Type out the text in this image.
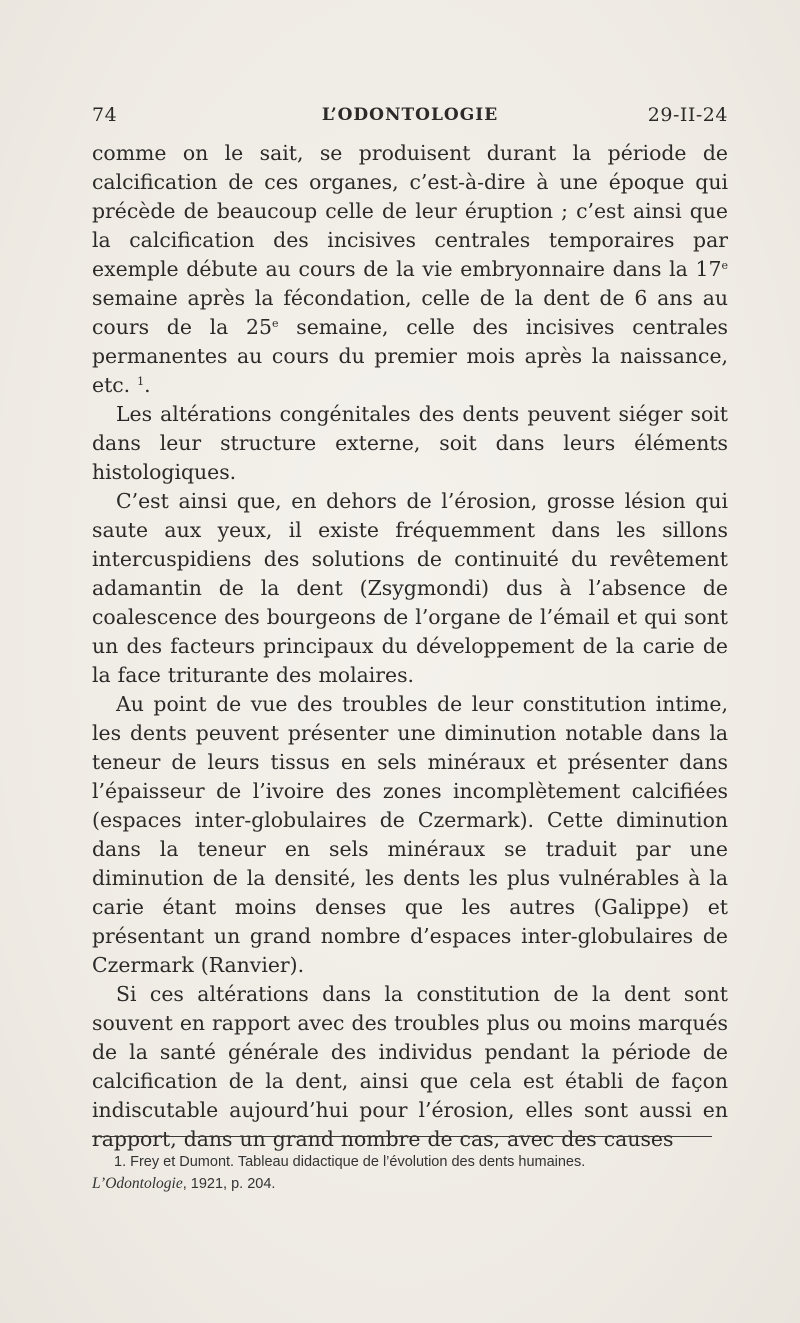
74	L’ODONTOLOGIE	29-II-24

comme on le sait, se produisent durant la période de calcification de ces organes, c’est-à-dire à une époque qui précède de beaucoup celle de leur éruption ; c’est ainsi que la calcification des incisives centrales temporaires par exemple débute au cours de la vie embryonnaire dans la 17e semaine après la fécondation, celle de la dent de 6 ans au cours de la 25e semaine, celle des incisives centrales permanentes au cours du premier mois après la naissance, etc. $^1$.

Les altérations congénitales des dents peuvent siéger soit dans leur structure externe, soit dans leurs éléments histologiques.

C’est ainsi que, en dehors de l’érosion, grosse lésion qui saute aux yeux, il existe fréquemment dans les sillons intercuspidiens des solutions de continuité du revêtement adamantin de la dent (Zsygmondi) dus à l’absence de coalescence des bourgeons de l’organe de l’émail et qui sont un des facteurs principaux du développement de la carie de la face triturante des molaires.

Au point de vue des troubles de leur constitution intime, les dents peuvent présenter une diminution notable dans la teneur de leurs tissus en sels minéraux et présenter dans l’épaisseur de l’ivoire des zones incomplètement calcifiées (espaces inter-globulaires de Czermark). Cette diminution dans la teneur en sels minéraux se traduit par une diminution de la densité, les dents les plus vulnérables à la carie étant moins denses que les autres (Galippe) et présentant un grand nombre d’espaces inter-globulaires de Czermark (Ranvier).

Si ces altérations dans la constitution de la dent sont souvent en rapport avec des troubles plus ou moins marqués de la santé générale des individus pendant la période de calcification de la dent, ainsi que cela est établi de façon indiscutable aujourd’hui pour l’érosion, elles sont aussi en rapport, dans un grand nombre de cas, avec des causes

1. Frey et Dumont. Tableau didactique de l’évolution des dents humaines.
L’Odontologie, 1921, p. 204.
